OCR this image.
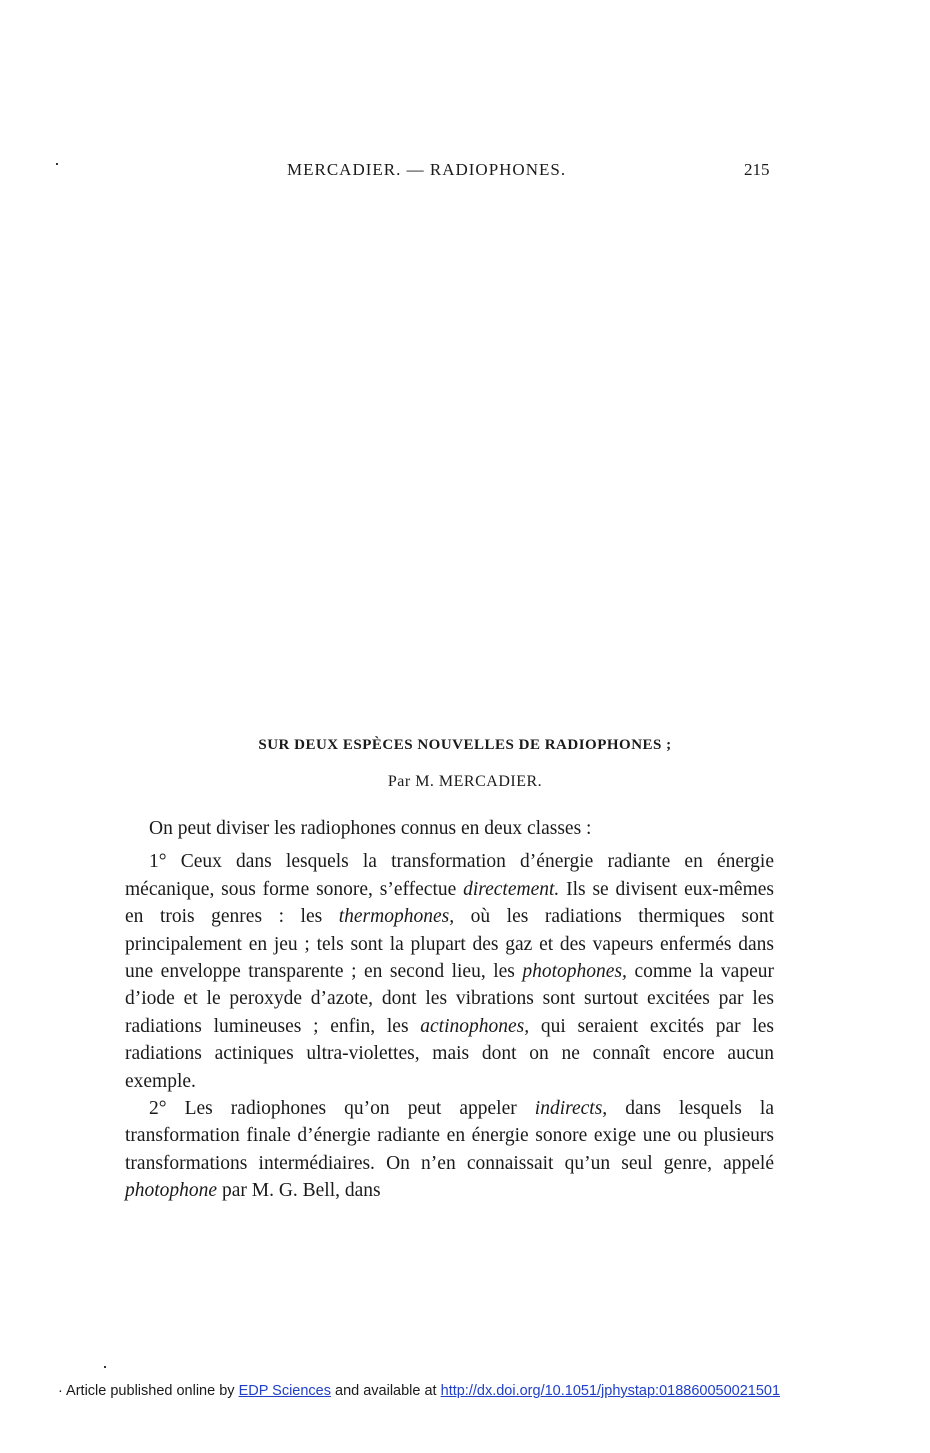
MERCADIER. — RADIOPHONES.	215
SUR DEUX ESPÈCES NOUVELLES DE RADIOPHONES ;
Par M. MERCADIER.

On peut diviser les radiophones connus en deux classes :

1° Ceux dans lesquels la transformation d’énergie radiante en énergie mécanique, sous forme sonore, s’effectue directement. Ils se divisent eux-mêmes en trois genres : les thermophones, où les radiations thermiques sont principalement en jeu ; tels sont la plupart des gaz et des vapeurs enfermés dans une enveloppe transparente ; en second lieu, les photophones, comme la vapeur d’iode et le peroxyde d’azote, dont les vibrations sont surtout excitées par les radiations lumineuses ; enfin, les actinophones, qui seraient excités par les radiations actiniques ultra-violettes, mais dont on ne connaît encore aucun exemple.

2° Les radiophones qu’on peut appeler indirects, dans lesquels la transformation finale d’énergie radiante en énergie sonore exige une ou plusieurs transformations intermédiaires. On n’en connaissait qu’un seul genre, appelé photophone par M. G. Bell, dans

· Article published online by EDP Sciences and available at http://dx.doi.org/10.1051/jphystap:018860050021501
